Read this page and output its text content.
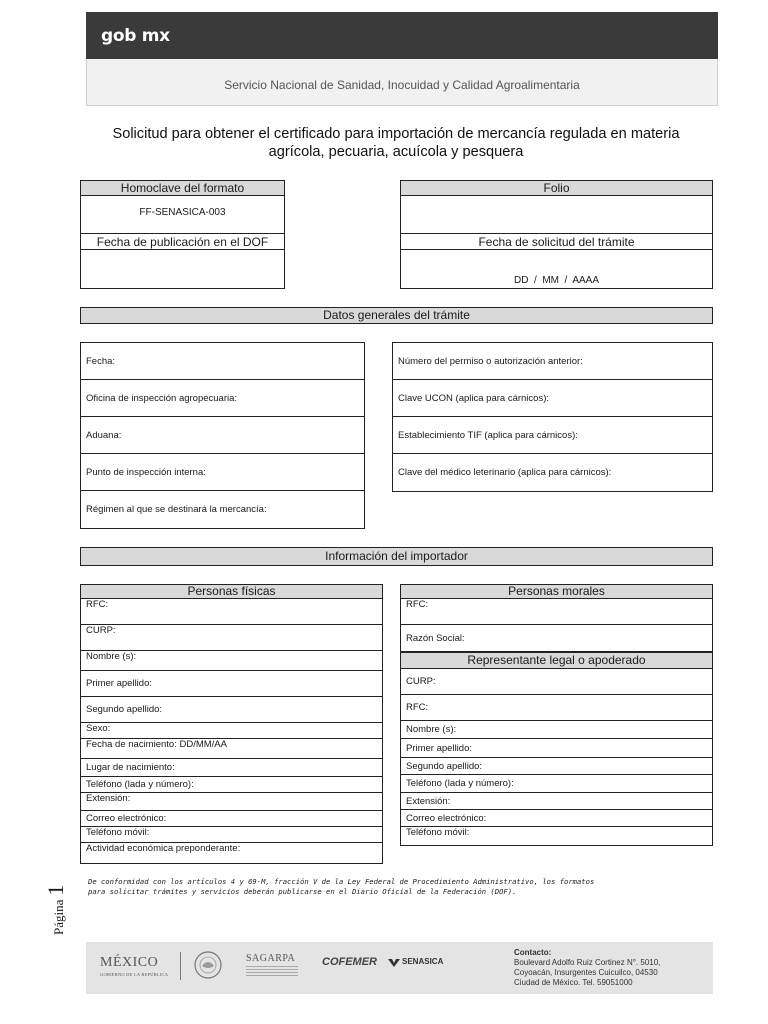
gob mx
Servicio Nacional de Sanidad, Inocuidad y Calidad Agroalimentaria
Solicitud para obtener el certificado para importación de mercancía regulada en materia
agrícola, pecuaria, acuícola y pesquera
Homoclave del formato
FF-SENASICA-003
Fecha de publicación en el DOF
Folio
Fecha de solicitud del trámite
DD  /  MM  /  AAAA
Datos generales del trámite
Fecha:
Oficina de inspección agropecuaria:
Aduana:
Punto de inspección interna:
Régimen al que se destinará la mercancía:
Número del permiso o autorización anterior:
Clave UCON (aplica para cárnicos):
Establecimiento TIF (aplica para cárnicos):
Clave del médico leterinario (aplica para cárnicos):
Información del importador
Personas físicas
RFC:
CURP:
Nombre (s):
Primer apellido:
Segundo apellido:
Sexo:
Fecha de nacimiento: DD/MM/AA
Lugar de nacimiento:
Teléfono (lada y número):
Extensión:
Correo electrónico:
Teléfono móvil:
Actividad económica preponderante:
Personas morales
RFC:
Razón Social:
Representante legal o apoderado
CURP:
RFC:
Nombre (s):
Primer apellido:
Segundo apellido:
Teléfono (lada y número):
Extensión:
Correo electrónico:
Teléfono móvil:
De conformidad con los artículos 4 y 69-M, fracción V de la Ley Federal de Procedimiento Administrativo, los formatos
para solicitar trámites y servicios deberán publicarse en el Diario Oficial de la Federación (DOF).
Página 1
MÉXICO
GOBIERNO DE LA REPÚBLICA
SAGARPA COFEMER	SENASICA
Contacto:
Boulevard Adolfo Ruiz Cortinez N°. 5010,
Coyoacán, Insurgentes Cuicuilco, 04530
Ciudad de México. Tel. 59051000
